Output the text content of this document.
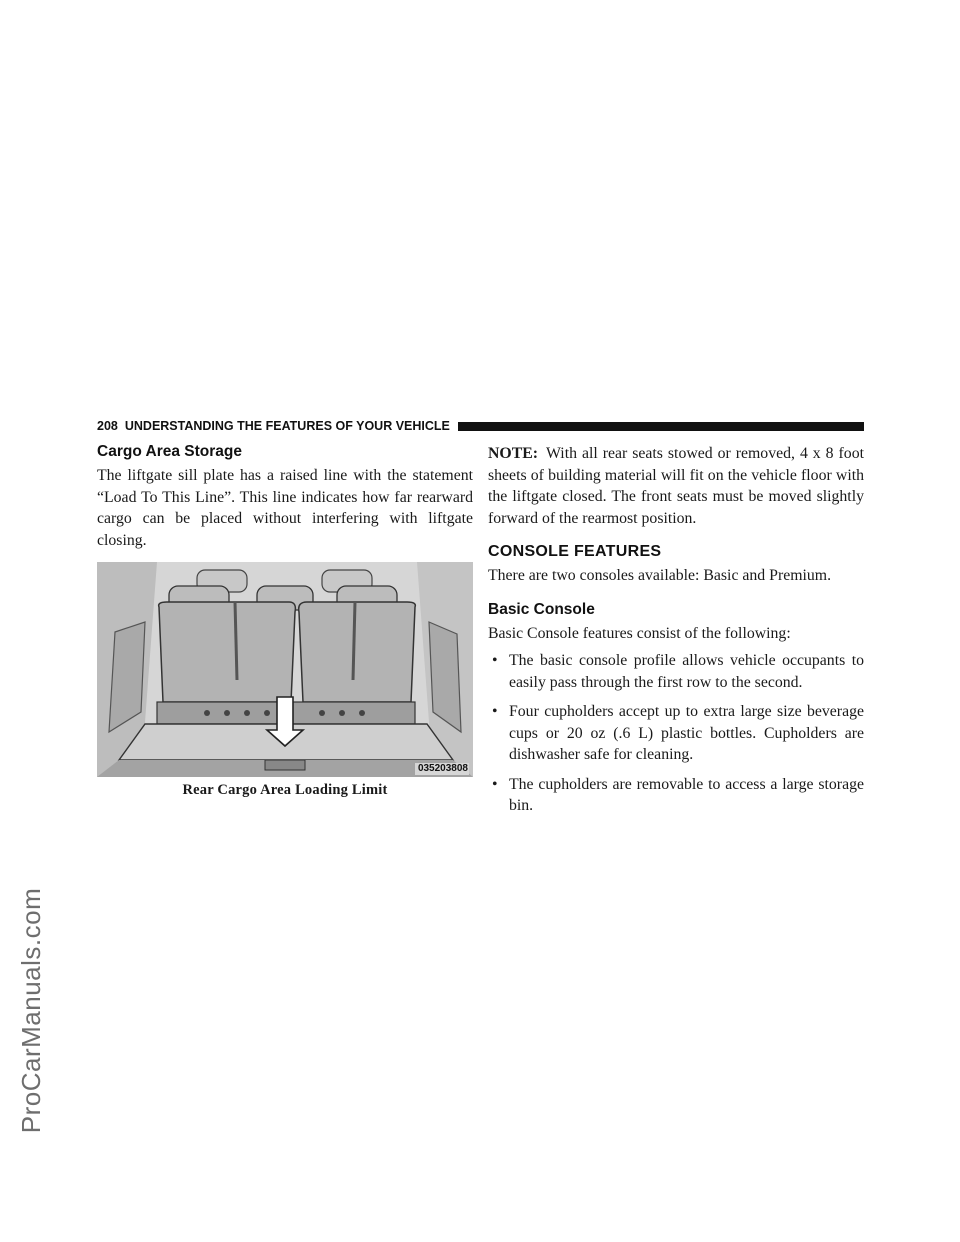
ProCarManuals.com
208 UNDERSTANDING THE FEATURES OF YOUR VEHICLE
Cargo Area Storage

The liftgate sill plate has a raised line with the statement “Load To This Line”. This line indicates how far rearward cargo can be placed without interfering with liftgate closing.

035203808
Rear Cargo Area Loading Limit

NOTE: With all rear seats stowed or removed, 4 x 8 foot sheets of building material will fit on the vehicle floor with the liftgate closed. The front seats must be moved slightly forward of the rearmost position.

CONSOLE FEATURES

There are two consoles available: Basic and Premium.

Basic Console

Basic Console features consist of the following:

• The basic console profile allows vehicle occupants to easily pass through the first row to the second.
• Four cupholders accept up to extra large size beverage cups or 20 oz (.6 L) plastic bottles. Cupholders are dishwasher safe for cleaning.
• The cupholders are removable to access a large storage bin.
